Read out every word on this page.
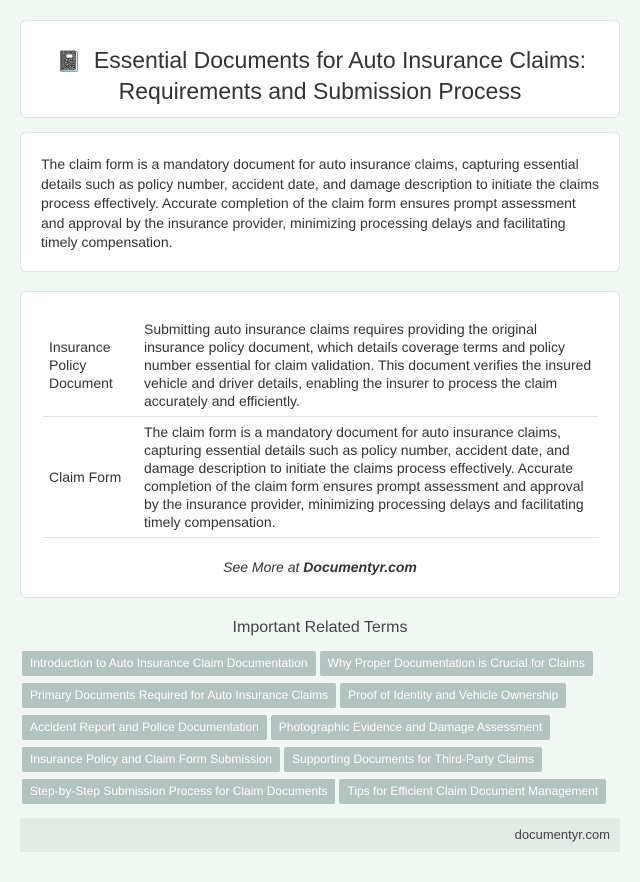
📓 Essential Documents for Auto Insurance Claims: Requirements and Submission Process

The claim form is a mandatory document for auto insurance claims, capturing essential details such as policy number, accident date, and damage description to initiate the claims process effectively. Accurate completion of the claim form ensures prompt assessment and approval by the insurance provider, minimizing processing delays and facilitating timely compensation.

Insurance Policy Document	Submitting auto insurance claims requires providing the original insurance policy document, which details coverage terms and policy number essential for claim validation. This document verifies the insured vehicle and driver details, enabling the insurer to process the claim accurately and efficiently.
Claim Form	The claim form is a mandatory document for auto insurance claims, capturing essential details such as policy number, accident date, and damage description to initiate the claims process effectively. Accurate completion of the claim form ensures prompt assessment and approval by the insurance provider, minimizing processing delays and facilitating timely compensation.
See More at Documentyr.com
Important Related Terms
Introduction to Auto Insurance Claim Documentation Why Proper Documentation is Crucial for ClaimsPrimary Documents Required for Auto Insurance Claims Proof of Identity and Vehicle OwnershipAccident Report and Police Documentation Photographic Evidence and Damage AssessmentInsurance Policy and Claim Form Submission Supporting Documents for Third-Party ClaimsStep-by-Step Submission Process for Claim Documents Tips for Efficient Claim Document Management
documentyr.com
